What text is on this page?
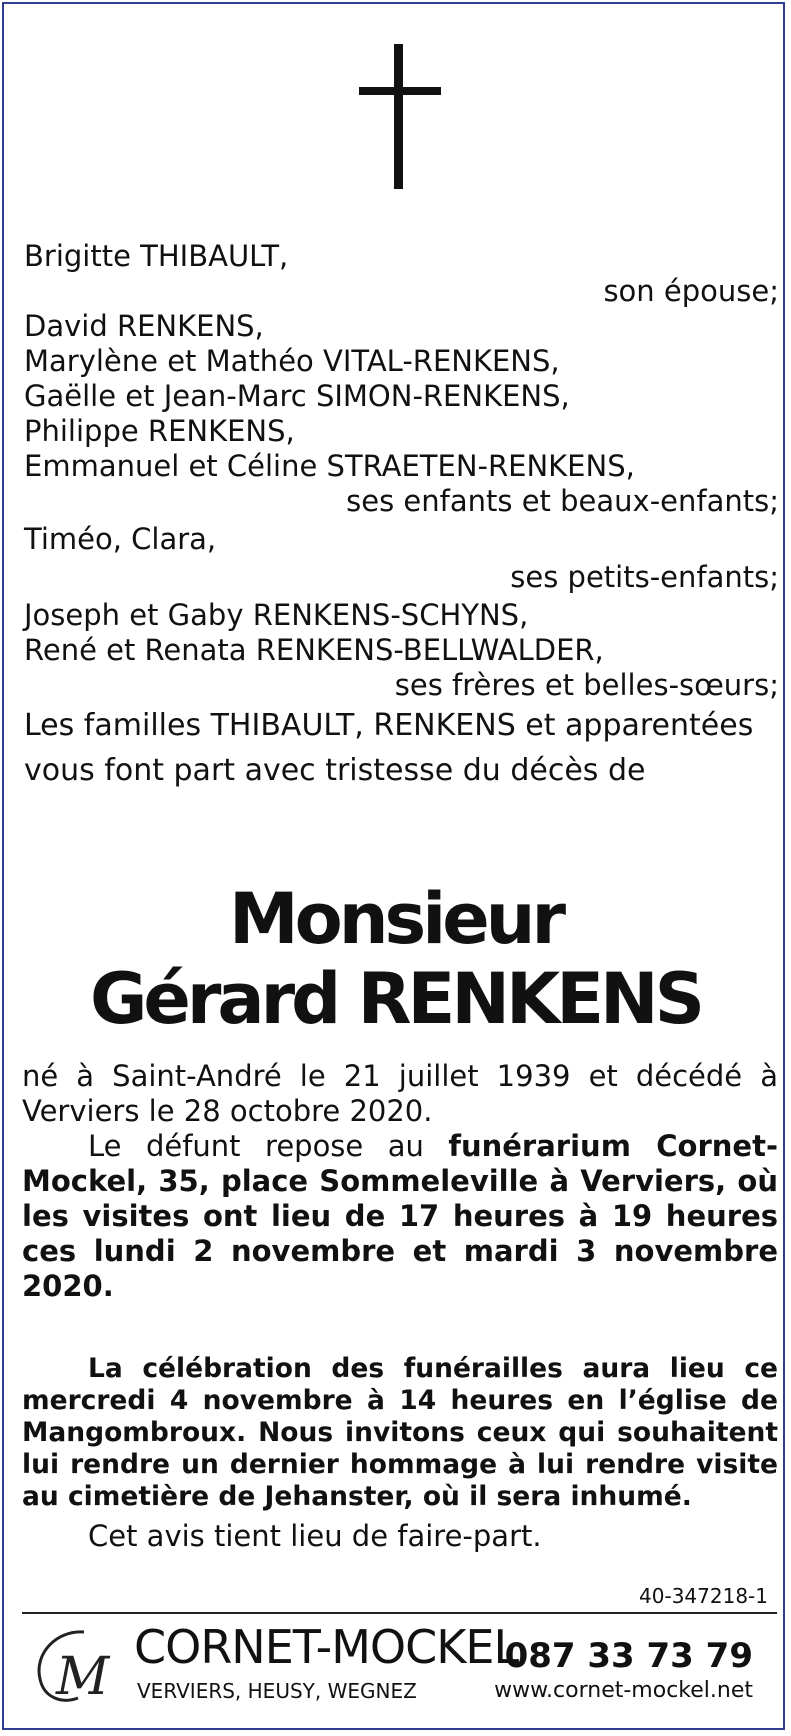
Brigitte THIBAULT,
son épouse;
David RENKENS,
Marylène et Mathéo VITAL-RENKENS,
Gaëlle et Jean-Marc SIMON-RENKENS,
Philippe RENKENS,
Emmanuel et Céline STRAETEN-RENKENS,
ses enfants et beaux-enfants;
Timéo, Clara,
ses petits-enfants;
Joseph et Gaby RENKENS-SCHYNS,
René et Renata RENKENS-BELLWALDER,
ses frères et belles-sœurs;
Les familles THIBAULT, RENKENS et apparentées
vous font part avec tristesse du décès de
Monsieur
Gérard RENKENS

né à Saint-André le 21 juillet 1939 et décédé à Verviers le 28 octobre 2020.

Le défunt repose au funérarium Cornet-Mockel, 35, place Sommeleville à Verviers, où les visites ont lieu de 17 heures à 19 heures ces lundi 2 novembre et mardi 3 novembre 2020.

La célébration des funérailles aura lieu ce mercredi 4 novembre à 14 heures en l’église de Mangombroux. Nous invitons ceux qui souhaitent lui rendre un dernier hommage à lui rendre visite au cimetière de Jehanster, où il sera inhumé.

Cet avis tient lieu de faire-part.

40-347218-1
M CORNET-MOCKEL
VERVIERS, HEUSY, WEGNEZ
087 33 73 79
www.cornet-mockel.net
